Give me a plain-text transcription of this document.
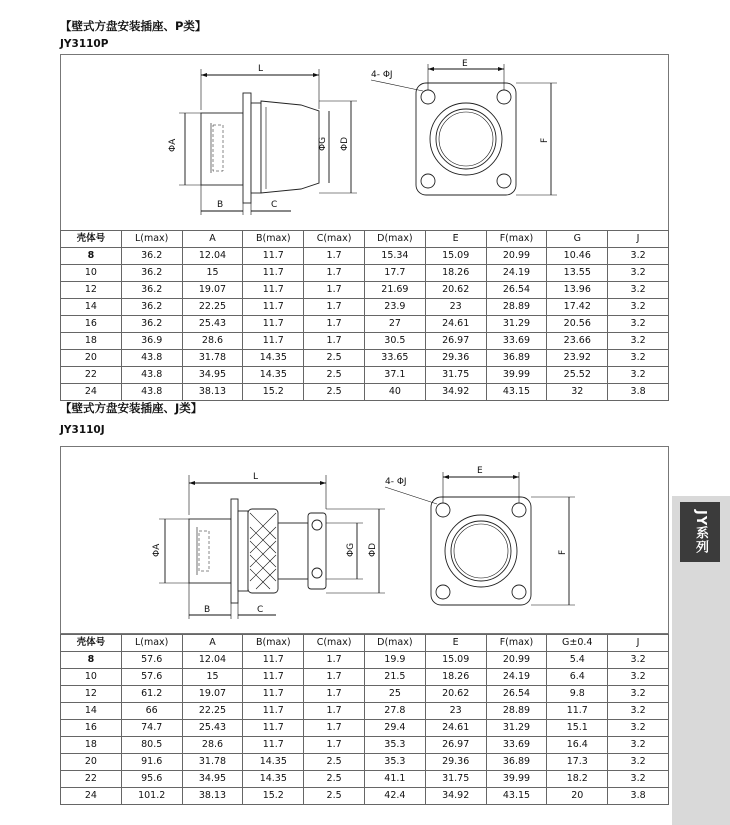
【壁式方盘安装插座、P类】
JY3110P
L
ΦA	ΦG ΦD
B	C
E
F
4- ΦJ
壳体号	L(max)	A	B(max)	C(max)	D(max)	E	F(max)	G	J
8	36.2	12.04	11.7	1.7	15.34	15.09	20.99	10.46	3.2
10	36.2	15	11.7	1.7	17.7	18.26	24.19	13.55	3.2
12	36.2	19.07	11.7	1.7	21.69	20.62	26.54	13.96	3.2
14	36.2	22.25	11.7	1.7	23.9	23	28.89	17.42	3.2
16	36.2	25.43	11.7	1.7	27	24.61	31.29	20.56	3.2
18	36.9	28.6	11.7	1.7	30.5	26.97	33.69	23.66	3.2
20	43.8	31.78	14.35	2.5	33.65	29.36	36.89	23.92	3.2
22	43.8	34.95	14.35	2.5	37.1	31.75	39.99	25.52	3.2
24	43.8	38.13	15.2	2.5	40	34.92	43.15	32	3.8
【壁式方盘安装插座、J类】
JY3110J
L
ΦA	ΦG ΦD
B	C
E
F
4- ΦJ
壳体号	L(max)	A	B(max)	C(max)	D(max)	E	F(max)	G±0.4	J
8	57.6	12.04	11.7	1.7	19.9	15.09	20.99	5.4	3.2
10	57.6	15	11.7	1.7	21.5	18.26	24.19	6.4	3.2
12	61.2	19.07	11.7	1.7	25	20.62	26.54	9.8	3.2
14	66	22.25	11.7	1.7	27.8	23	28.89	11.7	3.2
16	74.7	25.43	11.7	1.7	29.4	24.61	31.29	15.1	3.2
18	80.5	28.6	11.7	1.7	35.3	26.97	33.69	16.4	3.2
20	91.6	31.78	14.35	2.5	35.3	29.36	36.89	17.3	3.2
22	95.6	34.95	14.35	2.5	41.1	31.75	39.99	18.2	3.2
24	101.2	38.13	15.2	2.5	42.4	34.92	43.15	20	3.8
JY系列
